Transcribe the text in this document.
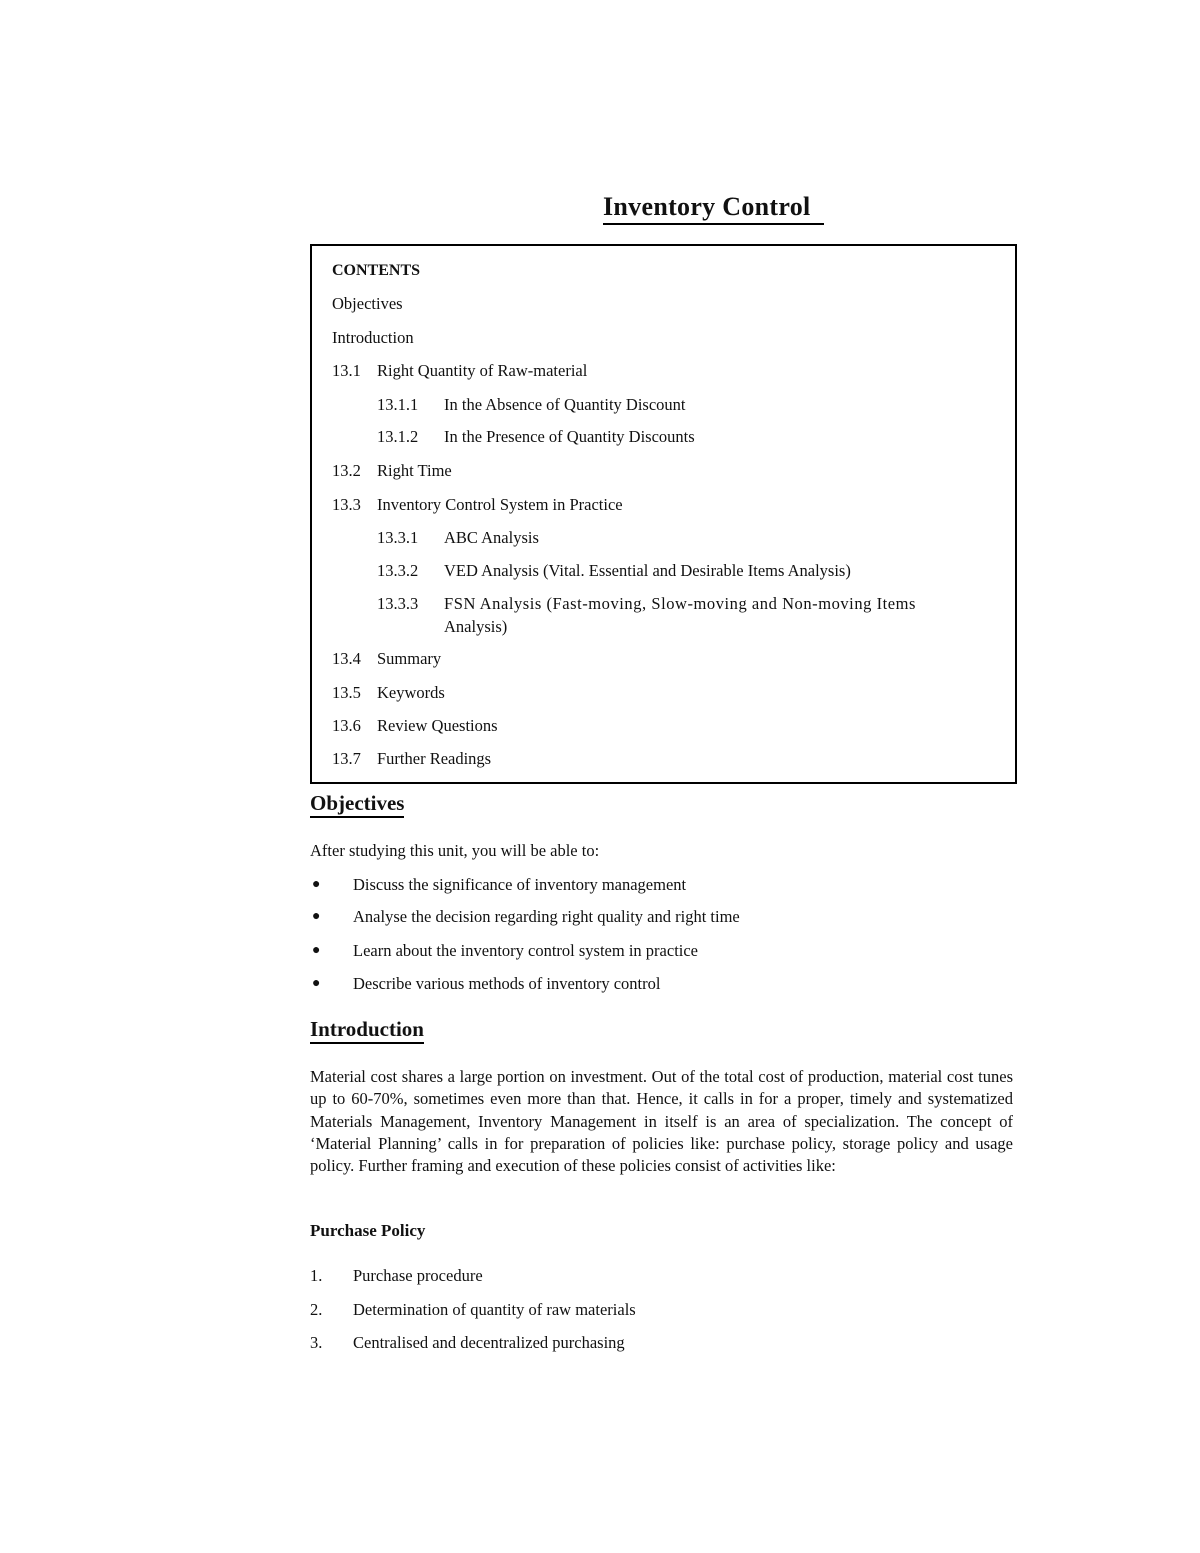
Inventory Control
CONTENTS
Objectives
Introduction
13.1 Right Quantity of Raw-material
13.1.1 In the Absence of Quantity Discount
13.1.2 In the Presence of Quantity Discounts
13.2 Right Time
13.3 Inventory Control System in Practice
13.3.1 ABC Analysis
13.3.2 VED Analysis (Vital. Essential and Desirable Items Analysis)
13.3.3 FSN Analysis (Fast-moving, Slow-moving and Non-moving Items
Analysis)
13.4 Summary
13.5 Keywords
13.6 Review Questions
13.7 Further Readings
Objectives
After studying this unit, you will be able to:
● Discuss the significance of inventory management
● Analyse the decision regarding right quality and right time
● Learn about the inventory control system in practice
● Describe various methods of inventory control
Introduction

Material cost shares a large portion on investment. Out of the total cost of production, material cost tunes up to 60-70%, sometimes even more than that. Hence, it calls in for a proper, timely and systematized Materials Management, Inventory Management in itself is an area of specialization. The concept of ‘Material Planning’ calls in for preparation of policies like: purchase policy, storage policy and usage policy. Further framing and execution of these policies consist of activities like:

Purchase Policy
1. Purchase procedure
2. Determination of quantity of raw materials
3. Centralised and decentralized purchasing
